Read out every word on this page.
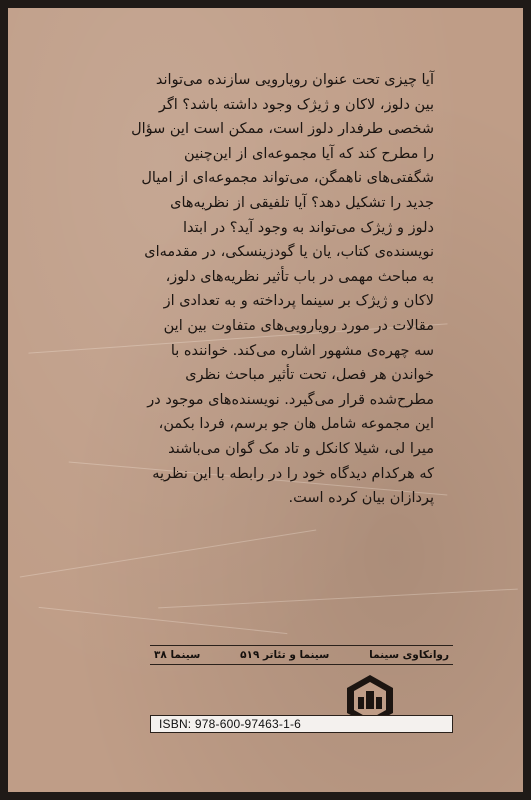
آیا چیزی تحت عنوان رویارویی سازنده می‌تواند

بین دلوز، لاکان و ژیژک وجود داشته باشد؟ اگر

شخصی طرفدار دلوز است، ممکن است این سؤال

را مطرح کند که آیا مجموعه‌ای از این‌چنین

شگفتی‌های ناهمگن، می‌تواند مجموعه‌ای از امیال

جدید را تشکیل دهد؟ آیا تلفیقی از نظریه‌های

دلوز و ژیژک می‌تواند به وجود آید؟ در ابتدا

نویسنده‌ی کتاب، یان یا گودزینسکی، در مقدمه‌ای

به مباحث مهمی در باب تأثیر نظریه‌های دلوز،

لاکان و ژیژک بر سینما پرداخته و به تعدادی از

مقالات در مورد رویارویی‌های متفاوت بین این

سه چهره‌ی مشهور اشاره می‌کند. خواننده با

خواندن هر فصل، تحت تأثیر مباحث نظری

مطرح‌شده قرار می‌گیرد. نویسنده‌های موجود در

این مجموعه شامل هان جو برسم، فردا بکمن،

میرا لی، شیلا کانکل و تاد مک گوان می‌باشند

که هرکدام دیدگاه خود را در رابطه با این نظریه

پردازان بیان کرده است.

روانکاوی سینما
سینما و تئاتر ۵۱۹
سینما ۳۸
ISBN: 978-600-97463-1-6
